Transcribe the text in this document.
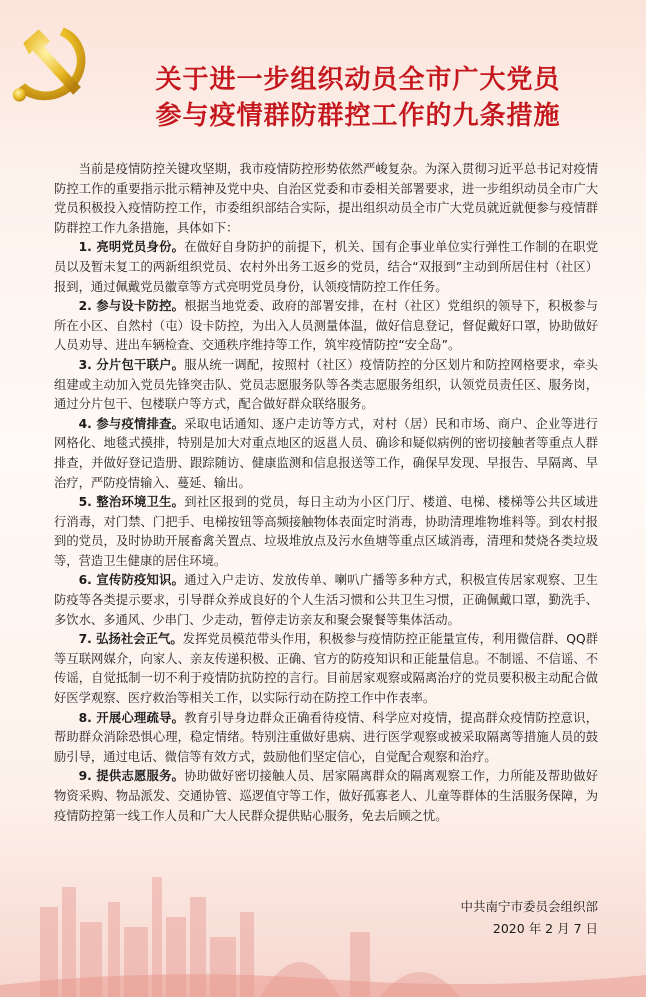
关于进一步组织动员全市广大党员
参与疫情群防群控工作的九条措施

当前是疫情防控关键攻坚期，我市疫情防控形势依然严峻复杂。为深入贯彻习近平总书记对疫情防控工作的重要指示批示精神及党中央、自治区党委和市委相关部署要求，进一步组织动员全市广大党员积极投入疫情防控工作，市委组织部结合实际，提出组织动员全市广大党员就近就便参与疫情群防群控工作九条措施，具体如下：

1. 亮明党员身份。在做好自身防护的前提下，机关、国有企事业单位实行弹性工作制的在职党员以及暂未复工的两新组织党员、农村外出务工返乡的党员，结合“双报到”主动到所居住村（社区）报到，通过佩戴党员徽章等方式亮明党员身份，认领疫情防控工作任务。

2. 参与设卡防控。根据当地党委、政府的部署安排，在村（社区）党组织的领导下，积极参与所在小区、自然村（屯）设卡防控，为出入人员测量体温，做好信息登记，督促戴好口罩，协助做好人员劝导、进出车辆检查、交通秩序维持等工作，筑牢疫情防控“安全岛”。

3. 分片包干联户。服从统一调配，按照村（社区）疫情防控的分区划片和防控网格要求，牵头组建或主动加入党员先锋突击队、党员志愿服务队等各类志愿服务组织，认领党员责任区、服务岗，通过分片包干、包楼联户等方式，配合做好群众联络服务。

4. 参与疫情排查。采取电话通知、逐户走访等方式，对村（居）民和市场、商户、企业等进行网格化、地毯式摸排，特别是加大对重点地区的返邕人员、确诊和疑似病例的密切接触者等重点人群排查，并做好登记造册、跟踪随访、健康监测和信息报送等工作，确保早发现、早报告、早隔离、早治疗，严防疫情输入、蔓延、输出。

5. 整治环境卫生。到社区报到的党员，每日主动为小区门厅、楼道、电梯、楼梯等公共区域进行消毒，对门禁、门把手、电梯按钮等高频接触物体表面定时消毒，协助清理堆物堆料等。到农村报到的党员，及时协助开展畜禽关置点、垃圾堆放点及污水鱼塘等重点区域消毒，清理和焚烧各类垃圾等，营造卫生健康的居住环境。

6. 宣传防疫知识。通过入户走访、发放传单、喇叭广播等多种方式，积极宣传居家观察、卫生防疫等各类提示要求，引导群众养成良好的个人生活习惯和公共卫生习惯，正确佩戴口罩，勤洗手、多饮水、多通风、少串门、少走动，暂停走访亲友和聚会聚餐等集体活动。

7. 弘扬社会正气。发挥党员模范带头作用，积极参与疫情防控正能量宣传，利用微信群、QQ群等互联网媒介，向家人、亲友传递积极、正确、官方的防疫知识和正能量信息。不制谣、不信谣、不传谣，自觉抵制一切不利于疫情防抗防控的言行。目前居家观察或隔离治疗的党员要积极主动配合做好医学观察、医疗救治等相关工作，以实际行动在防控工作中作表率。

8. 开展心理疏导。教育引导身边群众正确看待疫情、科学应对疫情，提高群众疫情防控意识，帮助群众消除恐惧心理，稳定情绪。特别注重做好患病、进行医学观察或被采取隔离等措施人员的鼓励引导，通过电话、微信等有效方式，鼓励他们坚定信心，自觉配合观察和治疗。

9. 提供志愿服务。协助做好密切接触人员、居家隔离群众的隔离观察工作，力所能及帮助做好物资采购、物品派发、交通协管、巡逻值守等工作，做好孤寡老人、儿童等群体的生活服务保障，为疫情防控第一线工作人员和广大人民群众提供贴心服务，免去后顾之忧。

中共南宁市委员会组织部
2020 年 2 月 7 日
